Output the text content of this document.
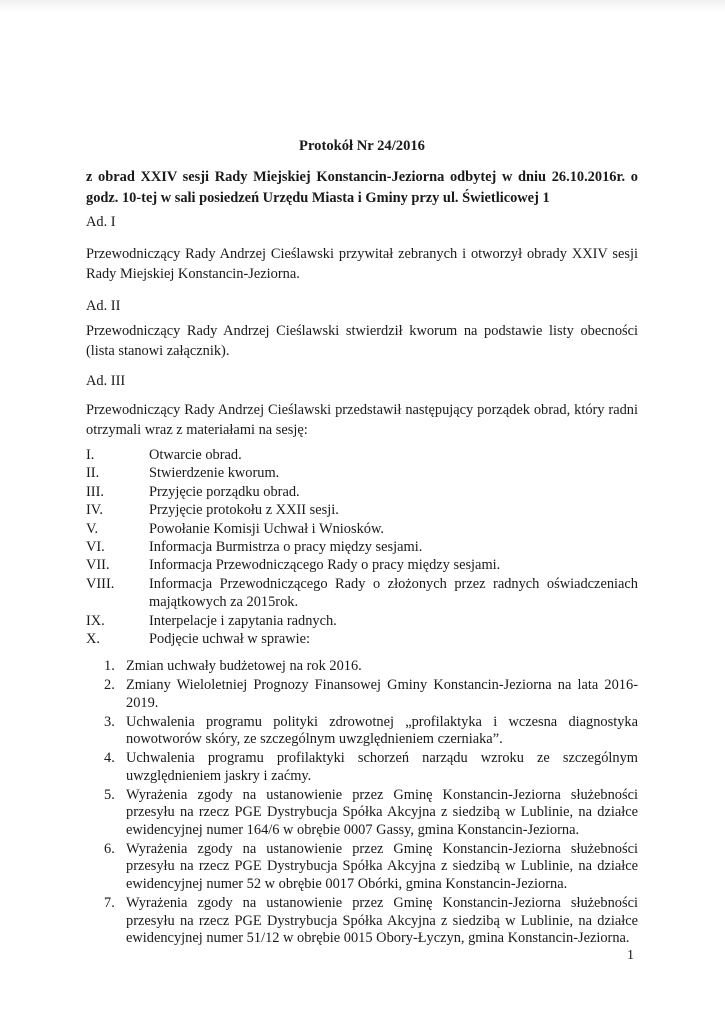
Protokół Nr 24/2016

z obrad XXIV sesji Rady Miejskiej Konstancin-Jeziorna odbytej w dniu 26.10.2016r. o godz. 10-tej w sali posiedzeń Urzędu Miasta i Gminy przy ul. Świetlicowej 1

Ad. I

Przewodniczący Rady Andrzej Cieślawski przywitał zebranych i otworzył obrady XXIV sesji Rady Miejskiej Konstancin-Jeziorna.

Ad. II

Przewodniczący Rady Andrzej Cieślawski stwierdził kworum na podstawie listy obecności (lista stanowi załącznik).

Ad. III

Przewodniczący Rady Andrzej Cieślawski przedstawił następujący porządek obrad, który radni otrzymali wraz z materiałami na sesję:

I.	Otwarcie obrad.
II.	Stwierdzenie kworum.
III.	Przyjęcie porządku obrad.
IV.	Przyjęcie protokołu z XXII sesji.
V.	Powołanie Komisji Uchwał i Wniosków.
VI.	Informacja Burmistrza o pracy między sesjami.
VII.	Informacja Przewodniczącego Rady o pracy między sesjami.
VIII.	Informacja Przewodniczącego Rady o złożonych przez radnych oświadczeniach majątkowych za 2015rok.
IX.	Interpelacje i zapytania radnych.
X.	Podjęcie uchwał w sprawie:
1. Zmian uchwały budżetowej na rok 2016.
2. Zmiany Wieloletniej Prognozy Finansowej Gminy Konstancin-Jeziorna na lata 2016-2019.
3. Uchwalenia programu polityki zdrowotnej „profilaktyka i wczesna diagnostyka nowotworów skóry, ze szczególnym uwzględnieniem czerniaka”.
4. Uchwalenia programu profilaktyki schorzeń narządu wzroku ze szczególnym uwzględnieniem jaskry i zaćmy.
5. Wyrażenia zgody na ustanowienie przez Gminę Konstancin-Jeziorna służebności przesyłu na rzecz PGE Dystrybucja Spółka Akcyjna z siedzibą w Lublinie, na działce ewidencyjnej numer 164/6 w obrębie 0007 Gassy, gmina Konstancin-Jeziorna.
6. Wyrażenia zgody na ustanowienie przez Gminę Konstancin-Jeziorna służebności przesyłu na rzecz PGE Dystrybucja Spółka Akcyjna z siedzibą w Lublinie, na działce ewidencyjnej numer 52 w obrębie 0017 Obórki, gmina Konstancin-Jeziorna.
7. Wyrażenia zgody na ustanowienie przez Gminę Konstancin-Jeziorna służebności przesyłu na rzecz PGE Dystrybucja Spółka Akcyjna z siedzibą w Lublinie, na działce ewidencyjnej numer 51/12 w obrębie 0015 Obory-Łyczyn, gmina Konstancin-Jeziorna.

1
